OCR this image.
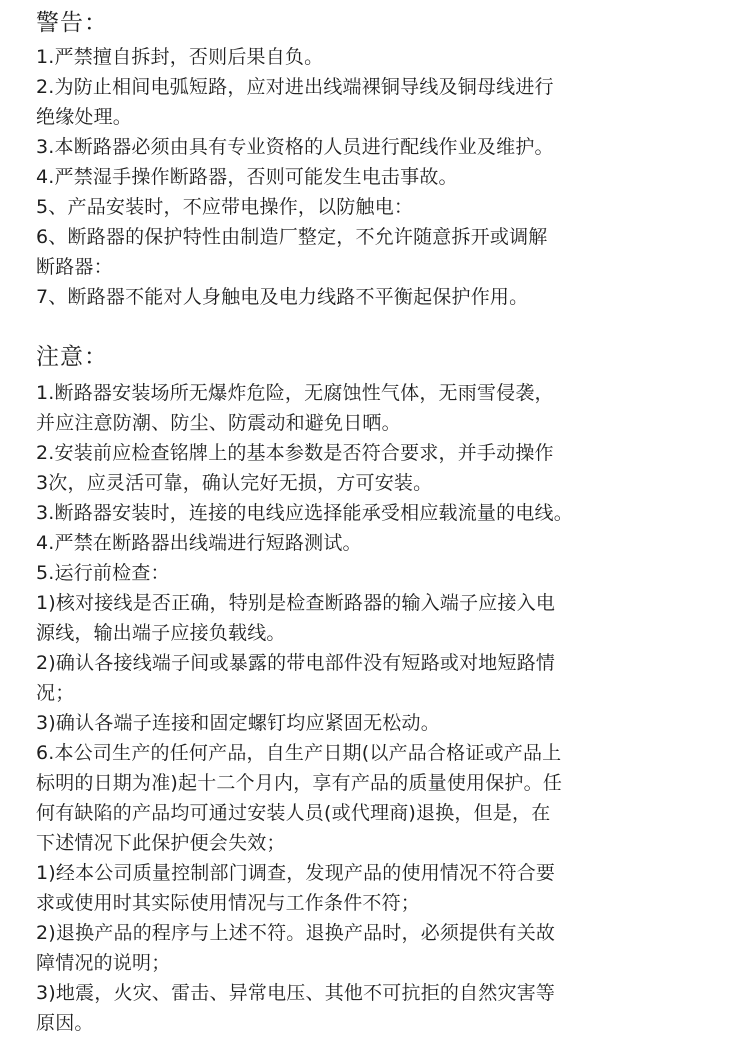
警告：

1.严禁擅自拆封，否则后果自负。

2.为防止相间电弧短路，应对进出线端裸铜导线及铜母线进行

绝缘处理。

3.本断路器必须由具有专业资格的人员进行配线作业及维护。

4.严禁湿手操作断路器，否则可能发生电击事故。

5、产品安装时，不应带电操作，以防触电：

6、断路器的保护特性由制造厂整定，不允许随意拆开或调解

断路器：

7、断路器不能对人身触电及电力线路不平衡起保护作用。

注意：

1.断路器安装场所无爆炸危险，无腐蚀性气体，无雨雪侵袭，

并应注意防潮、防尘、防震动和避免日晒。

2.安装前应检查铭牌上的基本参数是否符合要求，并手动操作

3次，应灵活可靠，确认完好无损，方可安装。

3.断路器安装时，连接的电线应选择能承受相应载流量的电线。

4.严禁在断路器出线端进行短路测试。

5.运行前检查：

1)核对接线是否正确，特别是检查断路器的输入端子应接入电

源线，输出端子应接负载线。

2)确认各接线端子间或暴露的带电部件没有短路或对地短路情

况；

3)确认各端子连接和固定螺钉均应紧固无松动。

6.本公司生产的任何产品，自生产日期(以产品合格证或产品上

标明的日期为准)起十二个月内，享有产品的质量使用保护。任

何有缺陷的产品均可通过安装人员(或代理商)退换，但是，在

下述情况下此保护便会失效；

1)经本公司质量控制部门调查，发现产品的使用情况不符合要

求或使用时其实际使用情况与工作条件不符；

2)退换产品的程序与上述不符。退换产品时，必须提供有关故

障情况的说明；

3)地震，火灾、雷击、异常电压、其他不可抗拒的自然灾害等

原因。
